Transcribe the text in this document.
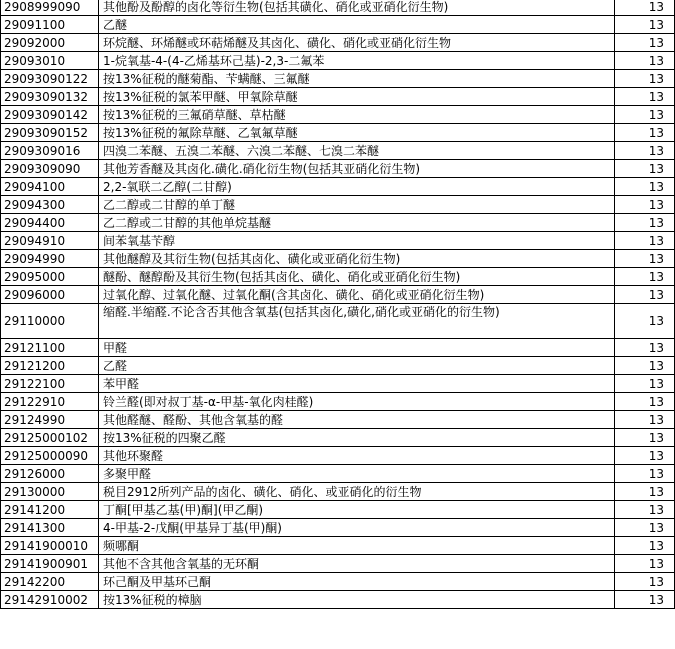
2908999090	其他酚及酚醇的卤化等衍生物(包括其磺化、硝化或亚硝化衍生物)	13
29091100	乙醚	13
29092000	环烷醚、环烯醚或环萜烯醚及其卤化、磺化、硝化或亚硝化衍生物	13
29093010	1-烷氧基-4-(4-乙烯基环己基)-2,3-二氟苯	13
29093090122	按13%征税的醚菊酯、苄螨醚、三氟醚	13
29093090132	按13%征税的氯苯甲醚、甲氧除草醚	13
29093090142	按13%征税的三氟硝草醚、草枯醚	13
29093090152	按13%征税的氟除草醚、乙氧氟草醚	13
2909309016	四溴二苯醚、五溴二苯醚、六溴二苯醚、七溴二苯醚	13
2909309090	其他芳香醚及其卤化.磺化.硝化衍生物(包括其亚硝化衍生物)	13
29094100	2,2-氧联二乙醇(二甘醇)	13
29094300	乙二醇或二甘醇的单丁醚	13
29094400	乙二醇或二甘醇的其他单烷基醚	13
29094910	间苯氧基苄醇	13
29094990	其他醚醇及其衍生物(包括其卤化、磺化或亚硝化衍生物)	13
29095000	醚酚、醚醇酚及其衍生物(包括其卤化、磺化、硝化或亚硝化衍生物)	13
29096000	过氧化醇、过氧化醚、过氧化酮(含其卤化、磺化、硝化或亚硝化衍生物)	13
29110000	缩醛.半缩醛.不论含否其他含氧基(包括其卤化,磺化,硝化或亚硝化的衍生物)	13
29121100	甲醛	13
29121200	乙醛	13
29122100	苯甲醛	13
29122910	铃兰醛(即对叔丁基-α-甲基-氧化肉桂醛)	13
29124990	其他醛醚、醛酚、其他含氧基的醛	13
29125000102	按13%征税的四聚乙醛	13
29125000090	其他环聚醛	13
29126000	多聚甲醛	13
29130000	税目2912所列产品的卤化、磺化、硝化、或亚硝化的衍生物	13
29141200	丁酮[甲基乙基(甲)酮](甲乙酮)	13
29141300	4-甲基-2-戊酮(甲基异丁基(甲)酮)	13
29141900010	频哪酮	13
29141900901	其他不含其他含氧基的无环酮	13
29142200	环己酮及甲基环己酮	13
29142910002	按13%征税的樟脑	13
